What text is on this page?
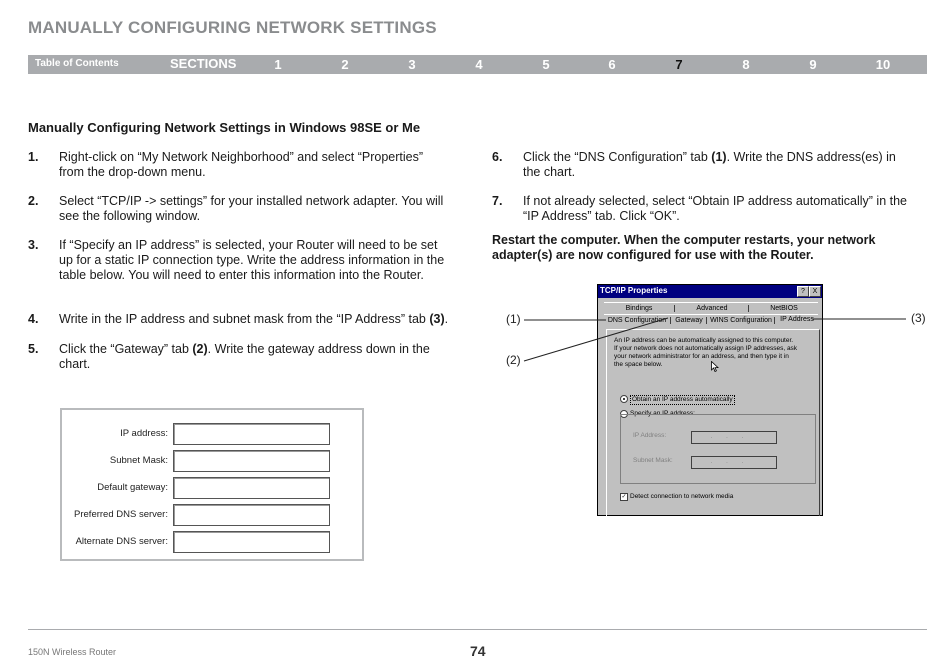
MANUALLY CONFIGURING NETWORK SETTINGS
Table of Contents	SECTIONS	1	2	3	4	5	6	7	8	9	10
Manually Configuring Network Settings in Windows 98SE or Me
1. Right-click on “My Network Neighborhood” and select “Properties”
from the drop-down menu.
2. Select “TCP/IP -> settings” for your installed network adapter. You will
see the following window.
3. If “Specify an IP address” is selected, your Router will need to be set
up for a static IP connection type. Write the address information in the
table below. You will need to enter this information into the Router.
4. Write in the IP address and subnet mask from the “IP Address” tab (3).
5. Click the “Gateway” tab (2). Write the gateway address down in the
chart.
6. Click the “DNS Configuration” tab (1). Write the DNS address(es) in
the chart.
7. If not already selected, select “Obtain IP address automatically” in the
“IP Address” tab. Click “OK”.
Restart the computer. When the computer restarts, your network
adapter(s) are now configured for use with the Router.
IP address:
Subnet Mask:
Default gateway:
Preferred DNS server:
Alternate DNS server:
TCP/IP Properties	?	X
Bindings	Advanced	NetBIOS
DNS Configuration	Gateway	WINS Configuration	IP Address
An IP address can be automatically assigned to this computer.
If your network does not automatically assign IP addresses, ask
your network administrator for an address, and then type it in
the space below.
Obtain an IP address automatically
Specify an IP address:
IP Address:	...
Subnet Mask:	...
✓ Detect connection to network media
(1)
(2)
(3)
150N Wireless Router	74
